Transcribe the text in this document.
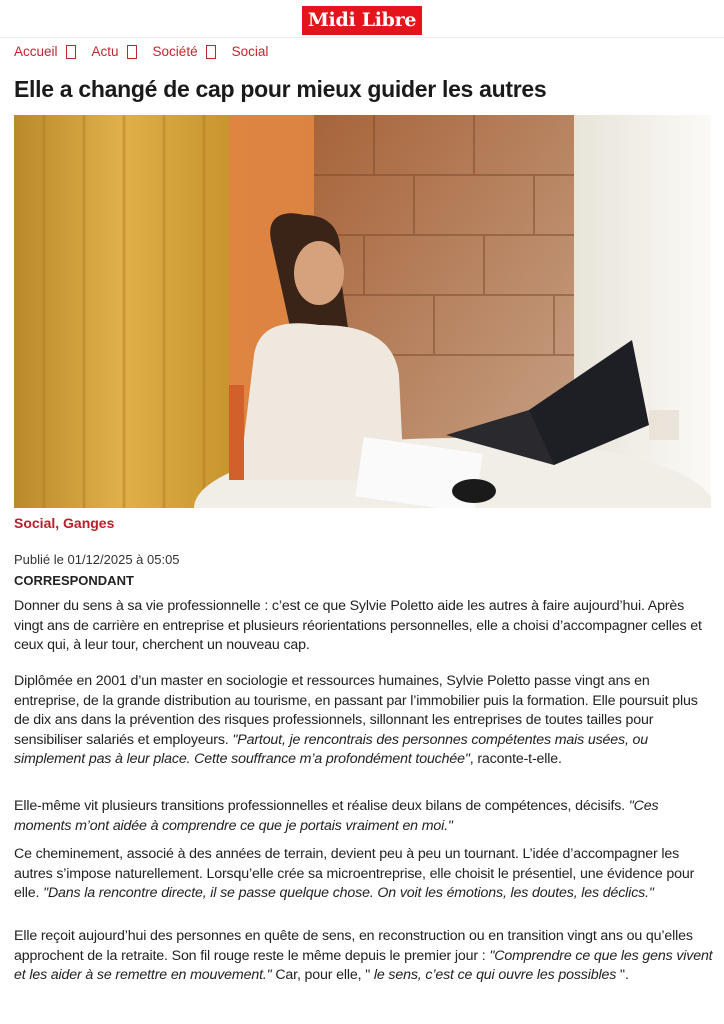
Midi Libre
Accueil	Actu	Société	Social
Elle a changé de cap pour mieux guider les autres
Social, Ganges
Publié le 01/12/2025 à 05:05
CORRESPONDANT

Donner du sens à sa vie professionnelle : c’est ce que Sylvie Poletto aide les autres à faire aujourd’hui. Après vingt ans de carrière en entreprise et plusieurs réorientations personnelles, elle a choisi d’accompagner celles et ceux qui, à leur tour, cherchent un nouveau cap.

Diplômée en 2001 d’un master en sociologie et ressources humaines, Sylvie Poletto passe vingt ans en entreprise, de la grande distribution au tourisme, en passant par l’immobilier puis la formation. Elle poursuit plus de dix ans dans la prévention des risques professionnels, sillonnant les entreprises de toutes tailles pour sensibiliser salariés et employeurs. "Partout, je rencontrais des personnes compétentes mais usées, ou simplement pas à leur place. Cette souffrance m’a profondément touchée", raconte-t-elle.

Elle-même vit plusieurs transitions professionnelles et réalise deux bilans de compétences, décisifs. "Ces moments m’ont aidée à comprendre ce que je portais vraiment en moi."

Ce cheminement, associé à des années de terrain, devient peu à peu un tournant. L’idée d’accompagner les autres s’impose naturellement. Lorsqu’elle crée sa microentreprise, elle choisit le présentiel, une évidence pour elle. "Dans la rencontre directe, il se passe quelque chose. On voit les émotions, les doutes, les déclics."

Elle reçoit aujourd’hui des personnes en quête de sens, en reconstruction ou en transition vingt ans ou qu’elles approchent de la retraite. Son fil rouge reste le même depuis le premier jour : "Comprendre ce que les gens vivent et les aider à se remettre en mouvement." Car, pour elle, " le sens, c’est ce qui ouvre les possibles ".
